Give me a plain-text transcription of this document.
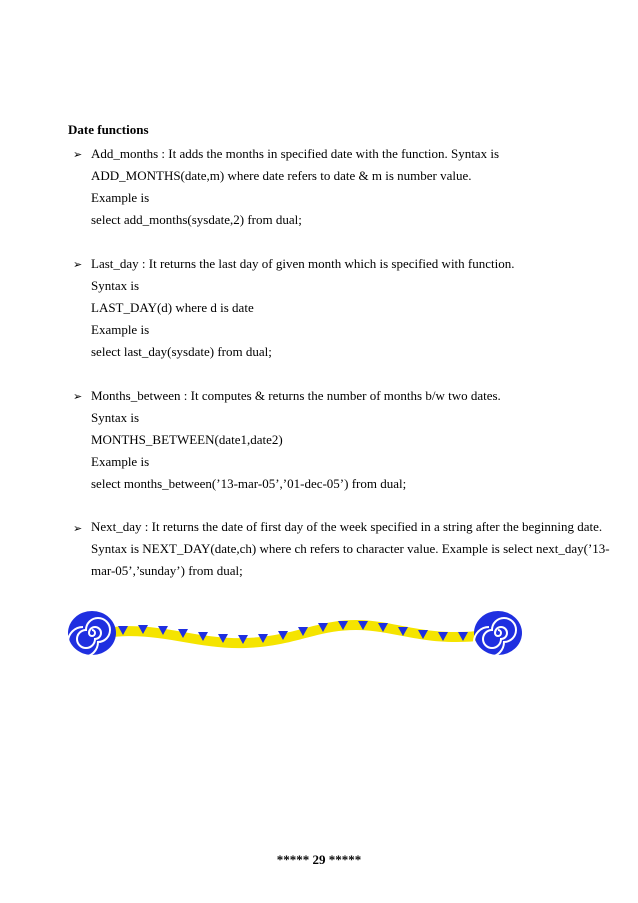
Date functions
➢ Add_months : It adds the months in specified date with the function. Syntax is
ADD_MONTHS(date,m) where date refers to date & m is number value.
Example is
select add_months(sysdate,2) from dual;
➢ Last_day : It returns the last day of given month which is specified with function.
Syntax is
LAST_DAY(d) where d is date
Example is
select last_day(sysdate) from dual;
➢ Months_between : It computes & returns the number of months b/w two dates.
Syntax is
MONTHS_BETWEEN(date1,date2)
Example is
select months_between(’13-mar-05’,’01-dec-05’) from dual;
➢ Next_day : It returns the date of first day of the week specified in a string after the beginning date. Syntax is NEXT_DAY(date,ch) where ch refers to character value. Example is select next_day(’13-mar-05’,’sunday’) from dual;
***** 29 *****
